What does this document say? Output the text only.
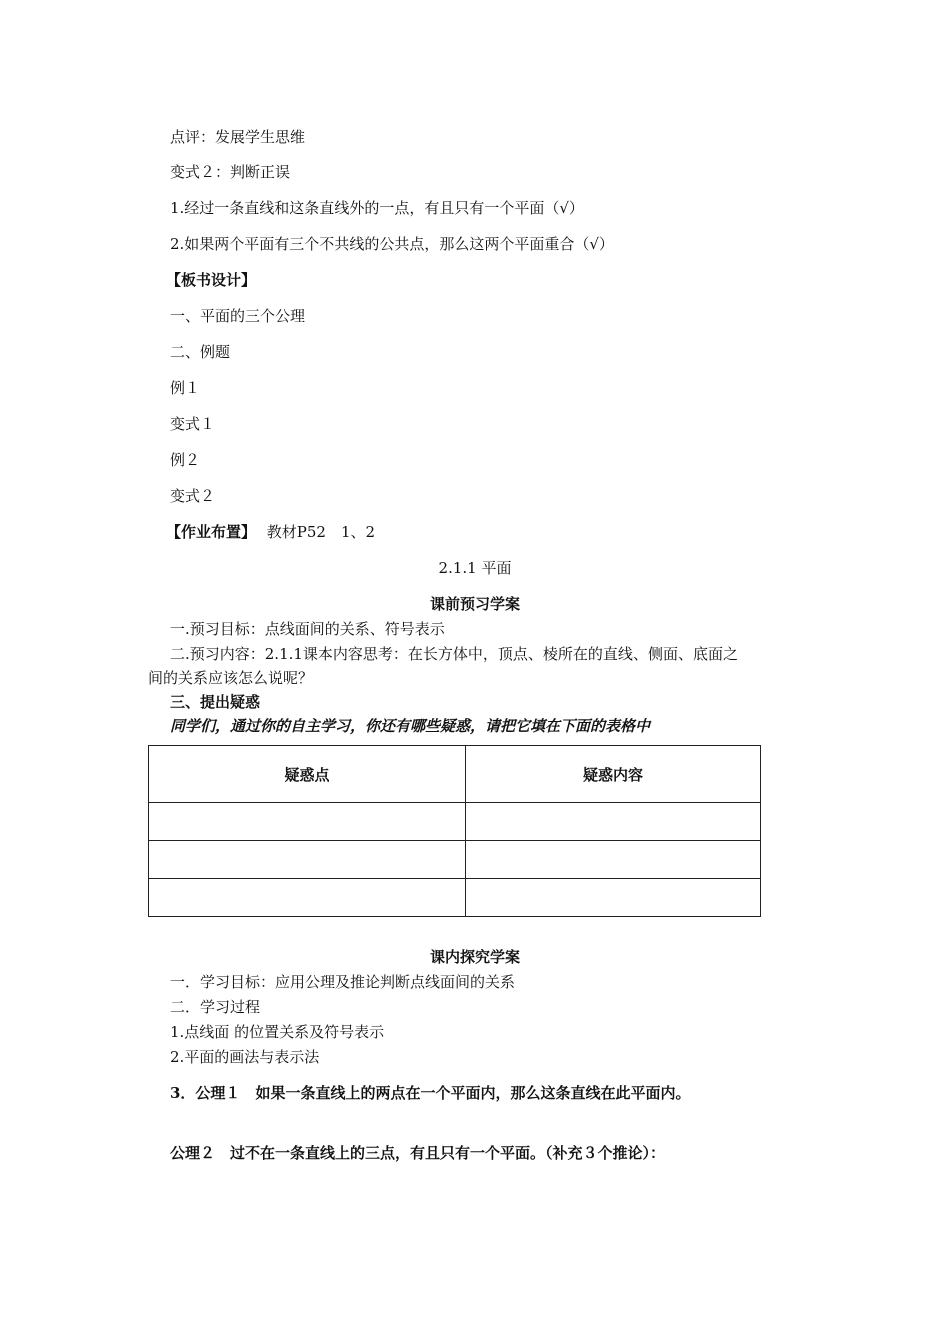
点评：发展学生思维
变式２：判断正误
1.经过一条直线和这条直线外的一点，有且只有一个平面（√）
2.如果两个平面有三个不共线的公共点，那么这两个平面重合（√）
【板书设计】
一、平面的三个公理
二、例题
例１
变式１
例２
变式２
【作业布置】 教材P52　1、2
2.1.1 平面
课前预习学案
一.预习目标：点线面间的关系、符号表示
二.预习内容：2.1.1课本内容思考：在长方体中，顶点、棱所在的直线、侧面、底面之
间的关系应该怎么说呢？
三、提出疑惑
同学们，通过你的自主学习，你还有哪些疑惑，请把它填在下面的表格中
疑惑点	疑惑内容

课内探究学案
一．学习目标：应用公理及推论判断点线面间的关系
二．学习过程
1.点线面 的位置关系及符号表示
2.平面的画法与表示法
3．公理１　如果一条直线上的两点在一个平面内，那么这条直线在此平面内。
公理２　过不在一条直线上的三点，有且只有一个平面。（补充３个推论）：
